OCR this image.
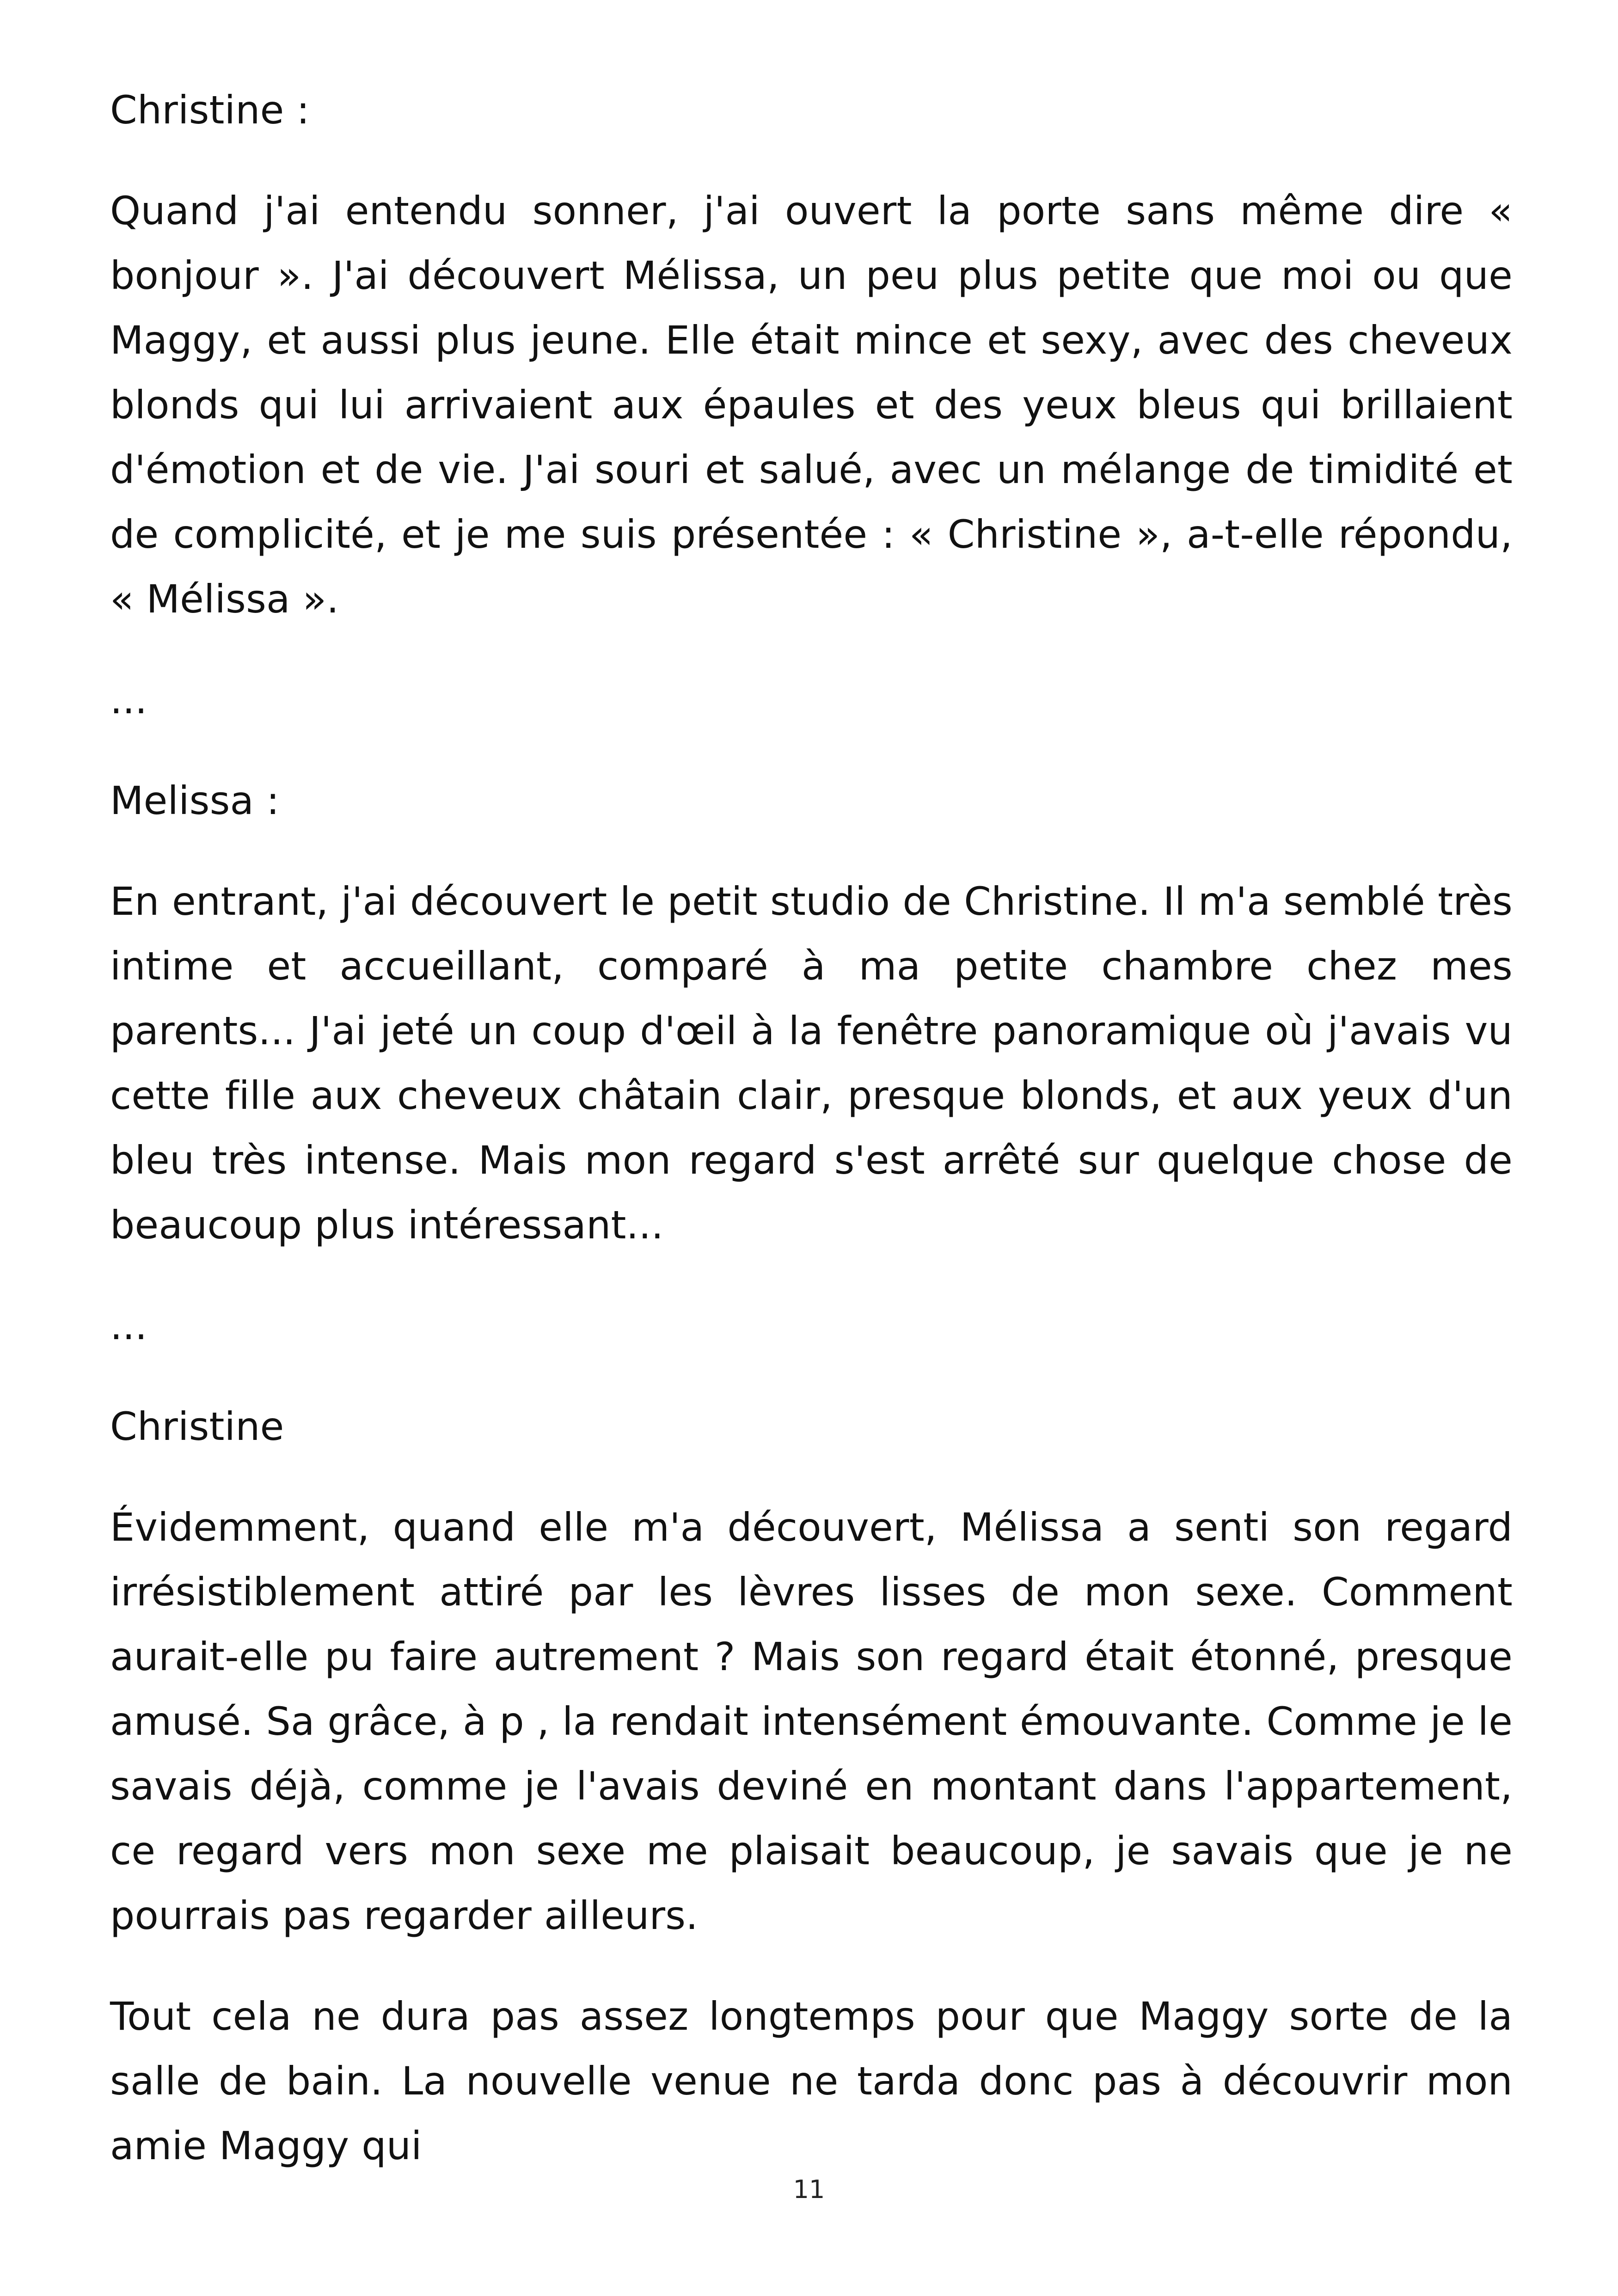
Christine :

Quand j'ai entendu sonner, j'ai ouvert la porte sans même dire « bonjour ». J'ai découvert Mélissa, un peu plus petite que moi ou que Maggy, et aussi plus jeune. Elle était mince et sexy, avec des cheveux blonds qui lui arrivaient aux épaules et des yeux bleus qui brillaient d'émotion et de vie. J'ai souri et salué, avec un mélange de timidité et de complicité, et je me suis présentée : « Christine », a-t-elle répondu, « Mélissa ».

...

Melissa :

En entrant, j'ai découvert le petit studio de Christine. Il m'a semblé très intime et accueillant, comparé à ma petite chambre chez mes parents... J'ai jeté un coup d'œil à la fenêtre panoramique où j'avais vu cette fille aux cheveux châtain clair, presque blonds, et aux yeux d'un bleu très intense. Mais mon regard s'est arrêté sur quelque chose de beaucoup plus intéressant...

...

Christine

Évidemment, quand elle m'a découvert, Mélissa a senti son regard irrésistiblement attiré par les lèvres lisses de mon sexe. Comment aurait-elle pu faire autrement ? Mais son regard était étonné, presque amusé. Sa grâce, à p , la rendait intensément émouvante. Comme je le savais déjà, comme je l'avais deviné en montant dans l'appartement, ce regard vers mon sexe me plaisait beaucoup, je savais que je ne pourrais pas regarder ailleurs.

Tout cela ne dura pas assez longtemps pour que Maggy sorte de la salle de bain. La nouvelle venue ne tarda donc pas à découvrir mon amie Maggy qui

11
